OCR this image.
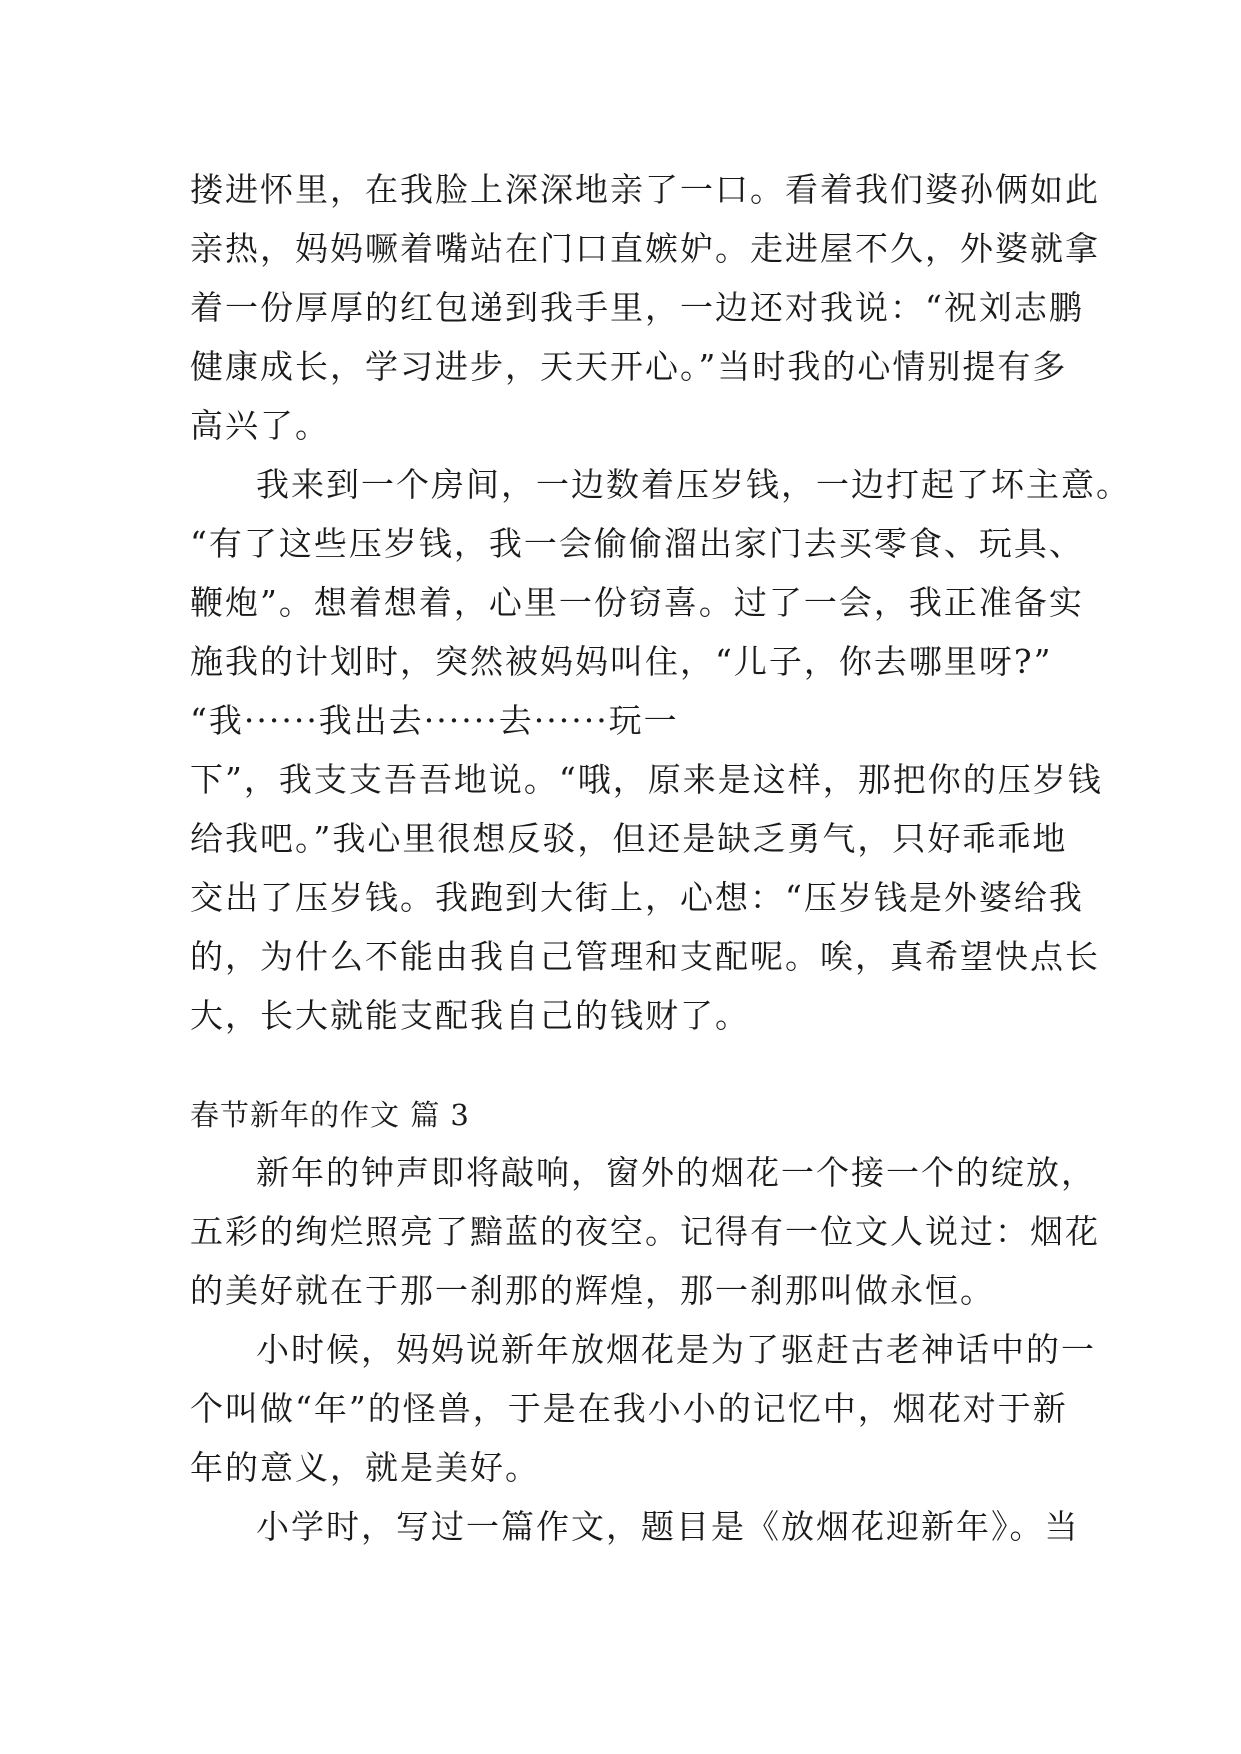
搂进怀里，在我脸上深深地亲了一口。看着我们婆孙俩如此
亲热，妈妈噘着嘴站在门口直嫉妒。走进屋不久，外婆就拿
着一份厚厚的红包递到我手里，一边还对我说：“祝刘志鹏
健康成长，学习进步，天天开心。”当时我的心情别提有多
高兴了。
我来到一个房间，一边数着压岁钱，一边打起了坏主意。
“有了这些压岁钱，我一会偷偷溜出家门去买零食、玩具、
鞭炮”。想着想着，心里一份窃喜。过了一会，我正准备实
施我的计划时，突然被妈妈叫住，“儿子，你去哪里呀?”
“我······我出去······去······玩一
下”，我支支吾吾地说。“哦，原来是这样，那把你的压岁钱
给我吧。”我心里很想反驳，但还是缺乏勇气，只好乖乖地
交出了压岁钱。我跑到大街上，心想：“压岁钱是外婆给我
的，为什么不能由我自己管理和支配呢。唉，真希望快点长
大，长大就能支配我自己的钱财了。
春节新年的作文 篇 3
新年的钟声即将敲响，窗外的烟花一个接一个的绽放，
五彩的绚烂照亮了黯蓝的夜空。记得有一位文人说过：烟花
的美好就在于那一刹那的辉煌，那一刹那叫做永恒。
小时候，妈妈说新年放烟花是为了驱赶古老神话中的一
个叫做“年”的怪兽，于是在我小小的记忆中，烟花对于新
年的意义，就是美好。
小学时，写过一篇作文，题目是《放烟花迎新年》。当
